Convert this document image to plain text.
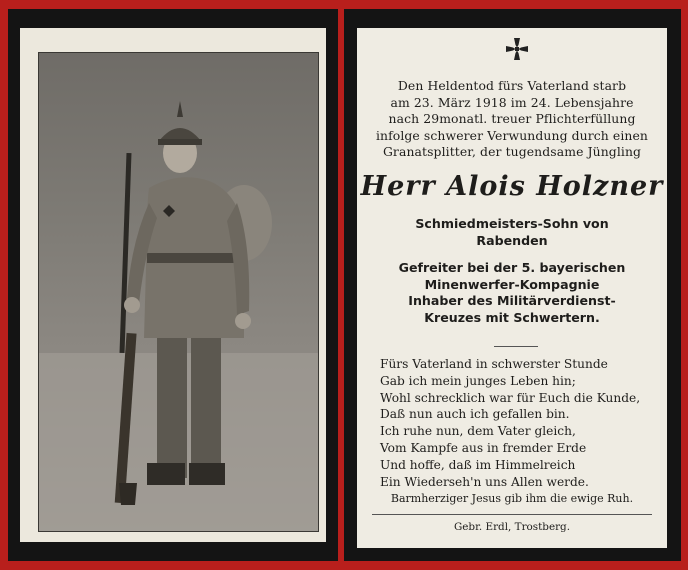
Den Heldentod fürs Vaterland starb
am 23. März 1918 im 24. Lebensjahre
nach 29monatl. treuer Pflichterfüllung
infolge schwerer Verwundung durch einen
Granatsplitter, der tugendsame Jüngling

Herr Alois Holzner

Schmiedmeisters-Sohn von
Rabenden

Gefreiter bei der 5. bayerischen
Minenwerfer-Kompagnie
Inhaber des Militärverdienst-
Kreuzes mit Schwertern.

Fürs Vaterland in schwerster Stunde
Gab ich mein junges Leben hin;
Wohl schrecklich war für Euch die Kunde,
Daß nun auch ich gefallen bin.
Ich ruhe nun, dem Vater gleich,
Vom Kampfe aus in fremder Erde
Und hoffe, daß im Himmelreich
Ein Wiederseh'n uns Allen werde.

Barmherziger Jesus gib ihm die ewige Ruh.

Gebr. Erdl, Trostberg.
